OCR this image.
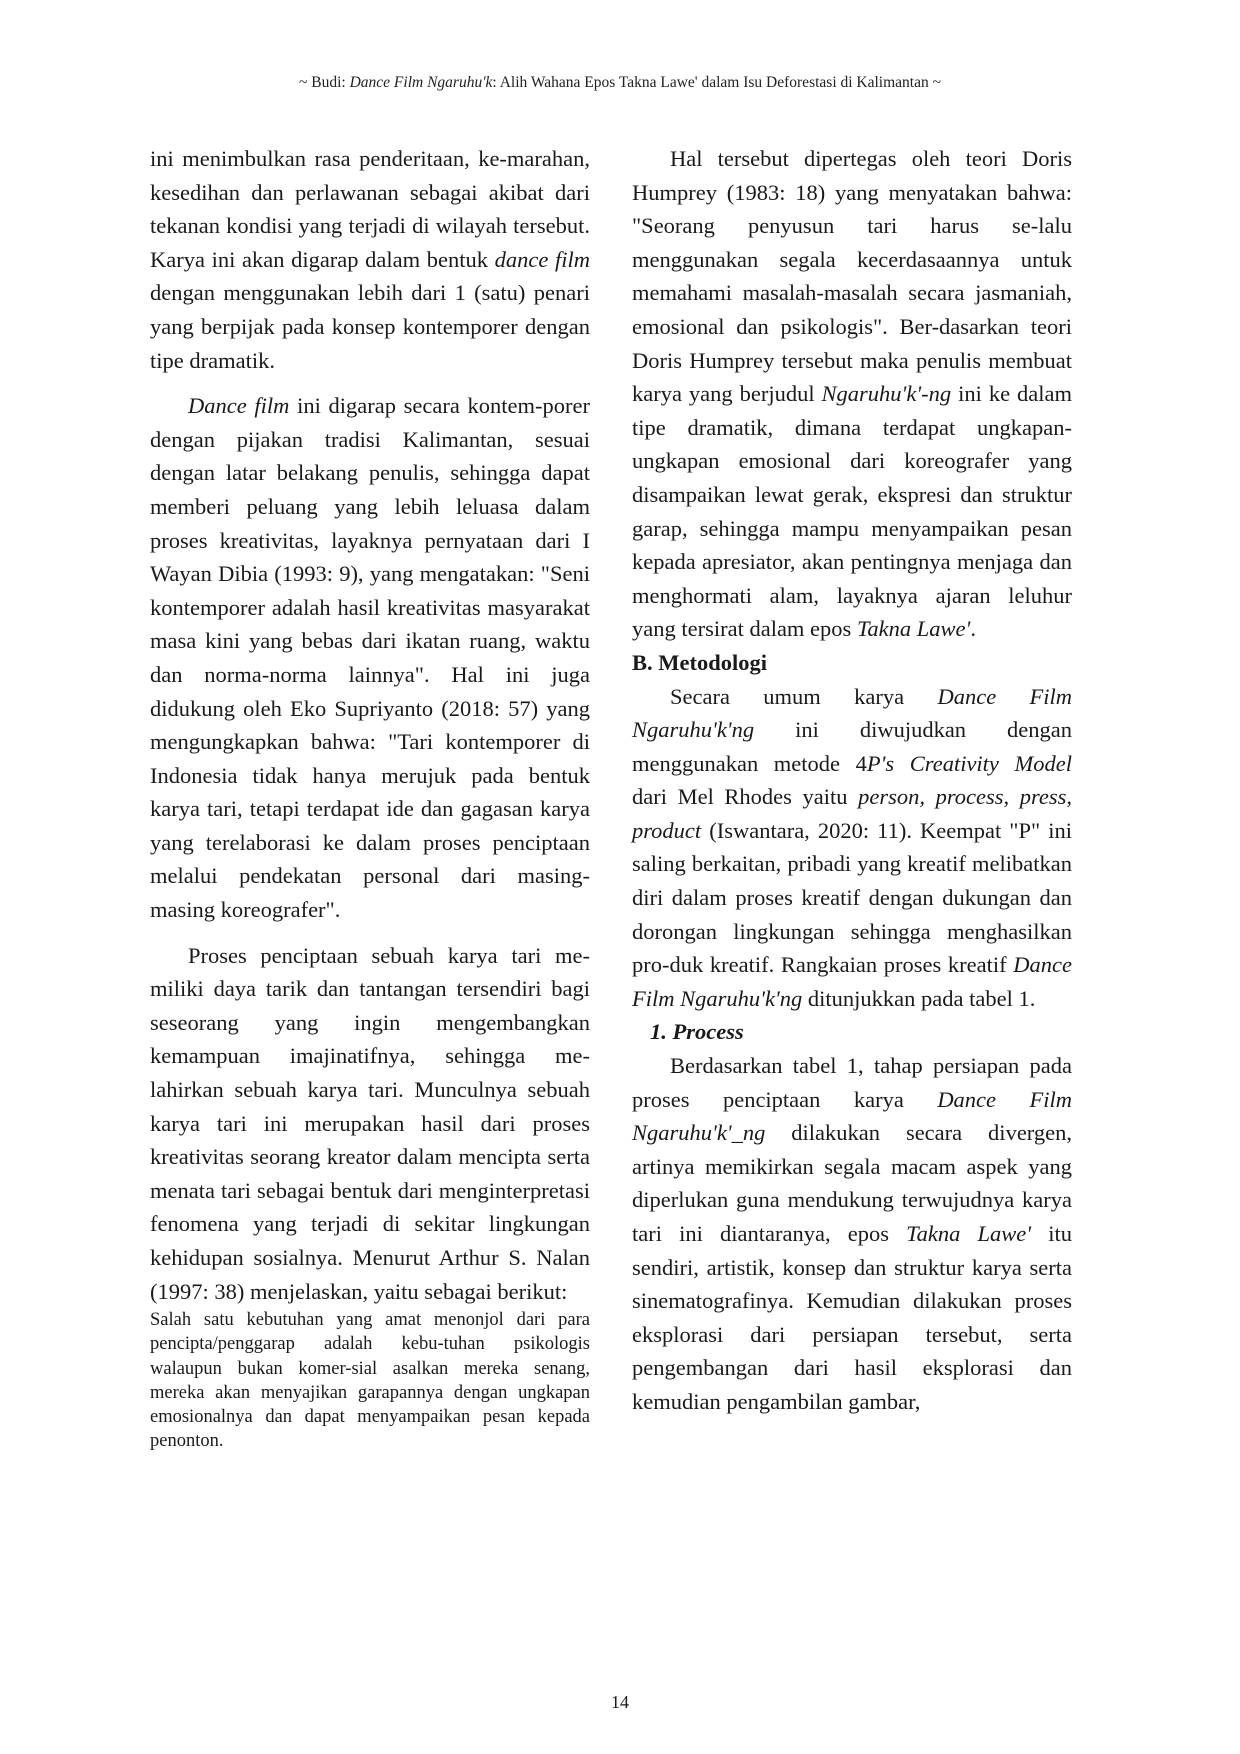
~ Budi: Dance Film Ngaruhu'k: Alih Wahana Epos Takna Lawe' dalam Isu Deforestasi di Kalimantan ~

ini menimbulkan rasa penderitaan, ke-marahan, kesedihan dan perlawanan sebagai akibat dari tekanan kondisi yang terjadi di wilayah tersebut. Karya ini akan digarap dalam bentuk dance film dengan menggunakan lebih dari 1 (satu) penari yang berpijak pada konsep kontemporer dengan tipe dramatik.

Dance film ini digarap secara kontem-porer dengan pijakan tradisi Kalimantan, sesuai dengan latar belakang penulis, sehingga dapat memberi peluang yang lebih leluasa dalam proses kreativitas, layaknya pernyataan dari I Wayan Dibia (1993: 9), yang mengatakan: "Seni kontemporer adalah hasil kreativitas masyarakat masa kini yang bebas dari ikatan ruang, waktu dan norma-norma lainnya". Hal ini juga didukung oleh Eko Supriyanto (2018: 57) yang mengungkapkan bahwa: "Tari kontemporer di Indonesia tidak hanya merujuk pada bentuk karya tari, tetapi terdapat ide dan gagasan karya yang terelaborasi ke dalam proses penciptaan melalui pendekatan personal dari masing-masing koreografer".

Proses penciptaan sebuah karya tari me-miliki daya tarik dan tantangan tersendiri bagi seseorang yang ingin mengembangkan kemampuan imajinatifnya, sehingga me-lahirkan sebuah karya tari. Munculnya sebuah karya tari ini merupakan hasil dari proses kreativitas seorang kreator dalam mencipta serta menata tari sebagai bentuk dari menginterpretasi fenomena yang terjadi di sekitar lingkungan kehidupan sosialnya. Menurut Arthur S. Nalan (1997: 38) menjelaskan, yaitu sebagai berikut:

Salah satu kebutuhan yang amat menonjol dari para pencipta/penggarap adalah kebu-tuhan psikologis walaupun bukan komer-sial asalkan mereka senang, mereka akan menyajikan garapannya dengan ungkapan emosionalnya dan dapat menyampaikan pesan kepada penonton.

Hal tersebut dipertegas oleh teori Doris Humprey (1983: 18) yang menyatakan bahwa: "Seorang penyusun tari harus se-lalu menggunakan segala kecerdasaannya untuk memahami masalah-masalah secara jasmaniah, emosional dan psikologis". Ber-dasarkan teori Doris Humprey tersebut maka penulis membuat karya yang berjudul Ngaruhu'k'-ng ini ke dalam tipe dramatik, dimana terdapat ungkapan-ungkapan emosional dari koreografer yang disampaikan lewat gerak, ekspresi dan struktur garap, sehingga mampu menyampaikan pesan kepada apresiator, akan pentingnya menjaga dan menghormati alam, layaknya ajaran leluhur yang tersirat dalam epos Takna Lawe'.

B. Metodologi

Secara umum karya Dance Film Ngaruhu'k'ng ini diwujudkan dengan menggunakan metode 4P's Creativity Model dari Mel Rhodes yaitu person, process, press, product (Iswantara, 2020: 11). Keempat "P" ini saling berkaitan, pribadi yang kreatif melibatkan diri dalam proses kreatif dengan dukungan dan dorongan lingkungan sehingga menghasilkan pro-duk kreatif. Rangkaian proses kreatif Dance Film Ngaruhu'k'ng ditunjukkan pada tabel 1.

1. Process

Berdasarkan tabel 1, tahap persiapan pada proses penciptaan karya Dance Film Ngaruhu'k'_ng dilakukan secara divergen, artinya memikirkan segala macam aspek yang diperlukan guna mendukung terwujudnya karya tari ini diantaranya, epos Takna Lawe' itu sendiri, artistik, konsep dan struktur karya serta sinematografinya. Kemudian dilakukan proses eksplorasi dari persiapan tersebut, serta pengembangan dari hasil eksplorasi dan kemudian pengambilan gambar,

14
